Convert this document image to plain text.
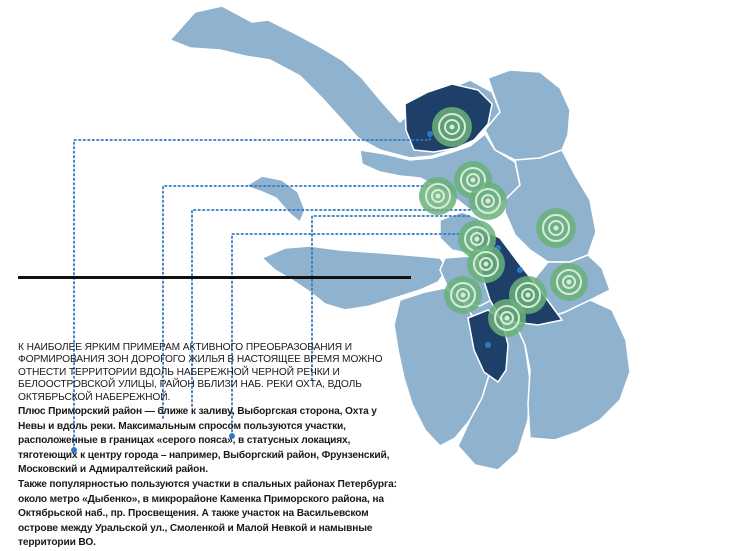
К НАИБОЛЕЕ ЯРКИМ ПРИМЕРАМ АКТИВНОГО ПРЕОБРАЗОВАНИЯ И ФОРМИРОВАНИЯ ЗОН ДОРОГОГО ЖИЛЬЯ В НАСТОЯЩЕЕ ВРЕМЯ МОЖНО ОТНЕСТИ ТЕРРИТОРИИ ВДОЛЬ НАБЕРЕЖНОЙ ЧЕРНОЙ РЕЧКИ И БЕЛООСТРОВСКОЙ УЛИЦЫ, РАЙОН ВБЛИЗИ НАБ. РЕКИ ОХТА, ВДОЛЬ ОКТЯБРЬСКОЙ НАБЕРЕЖНОЙ.

Плюс Приморский район — ближе к заливу, Выборгская сторона, Охта у Невы и вдоль реки. Максимальным спросом пользуются участки, расположенные в границах «серого пояса», в статусных локациях, тяготеющих к центру города – например, Выборгский район, Фрунзенский, Московский и Адмиралтейский район.

Также популярностью пользуются участки в спальных районах Петербурга: около метро «Дыбенко», в микрорайоне Каменка Приморского района, на Октябрьской наб., пр. Просвещения. А также участок на Васильевском острове между Уральской ул., Смоленкой и Малой Невкой и намывные территории ВО.
